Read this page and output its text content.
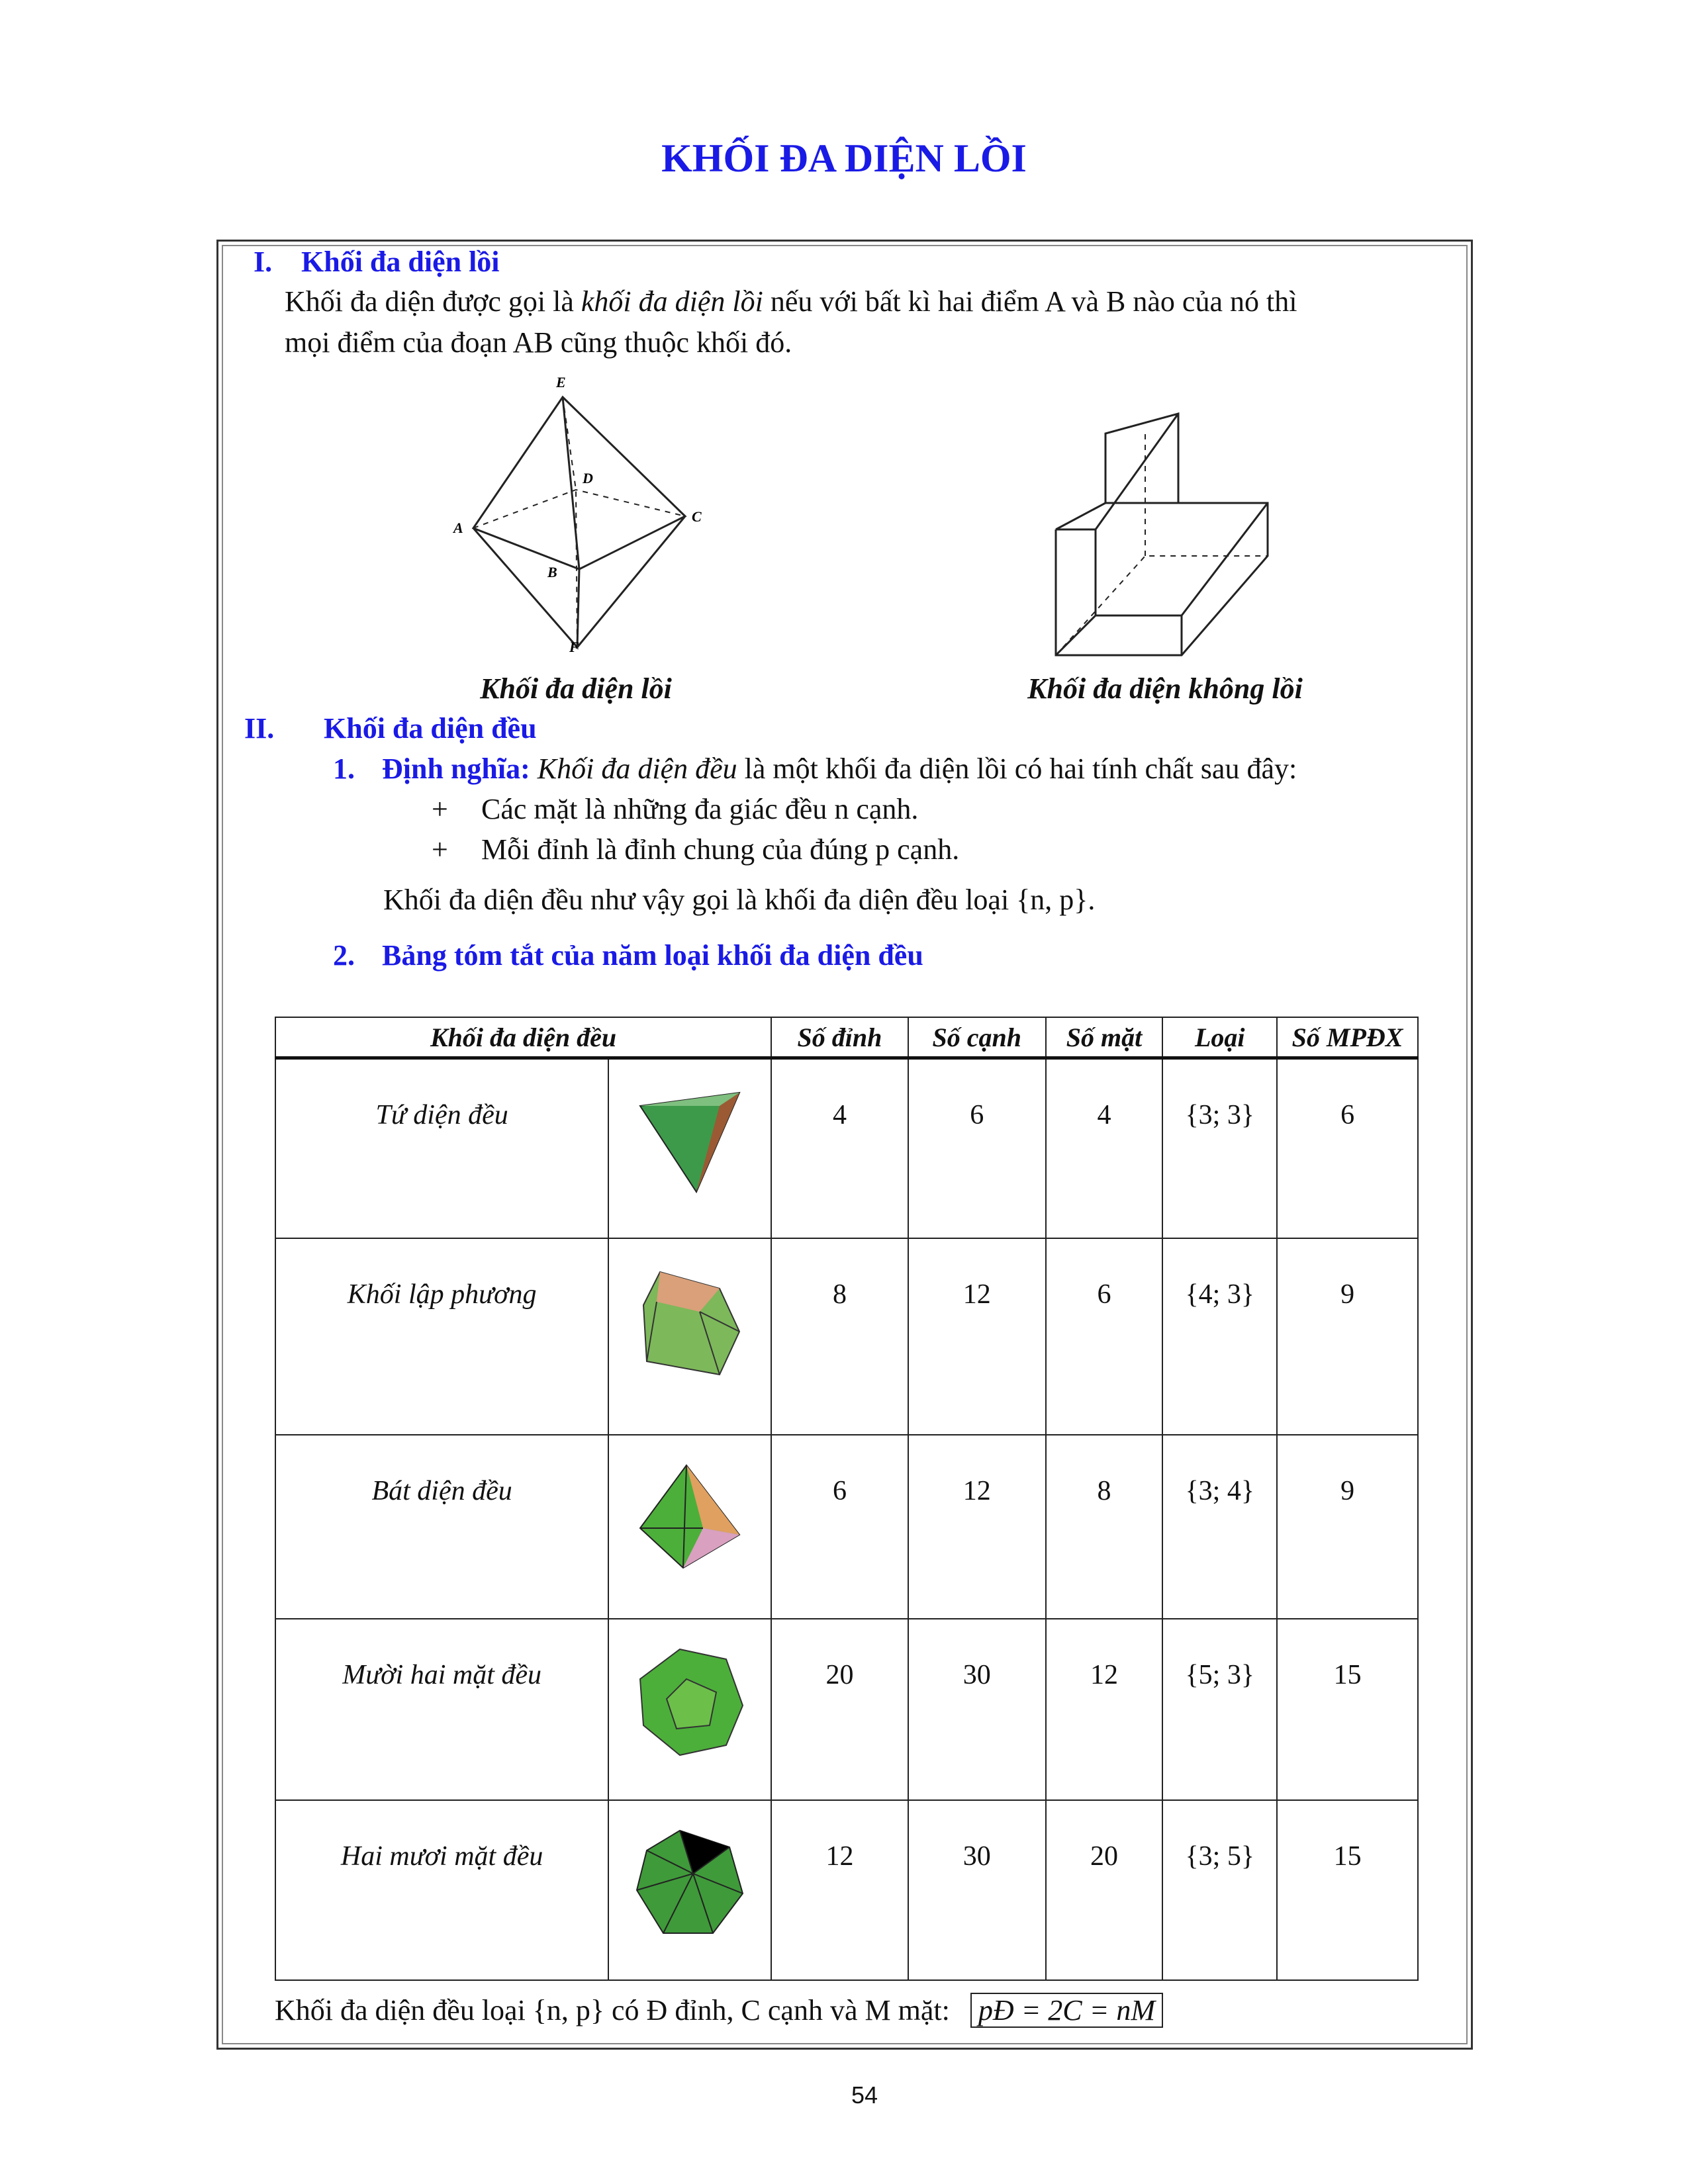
KHỐI ĐA DIỆN LỒI
I. Khối đa diện lồi
Khối đa diện được gọi là khối đa diện lồi nếu với bất kì hai điểm A và B nào của nó thì
mọi điểm của đoạn AB cũng thuộc khối đó.
E
D
A
C
B
F
Khối đa diện lồi	Khối đa diện không lồi
II. Khối đa diện đều
1. Định nghĩa: Khối đa diện đều là một khối đa diện lồi có hai tính chất sau đây:
+ Các mặt là những đa giác đều n cạnh.
+ Mỗi đỉnh là đỉnh chung của đúng p cạnh.
Khối đa diện đều như vậy gọi là khối đa diện đều loại {n, p}.
2. Bảng tóm tắt của năm loại khối đa diện đều
Khối đa diện đều		Số đỉnh	Số cạnh	Số mặt	Loại	Số MPĐX
Tứ diện đều		4	6	4	{3; 3}	6
Khối lập phương		8	12	6	{4; 3}	9
Bát diện đều		6	12	8	{3; 4}	9
Mười hai mặt đều		20	30	12	{5; 3}	15
Hai mươi mặt đều		12	30	20	{3; 5}	15
Khối đa diện đều loại {n, p} có Đ đỉnh, C cạnh và M mặt: pĐ = 2C = nM
54
